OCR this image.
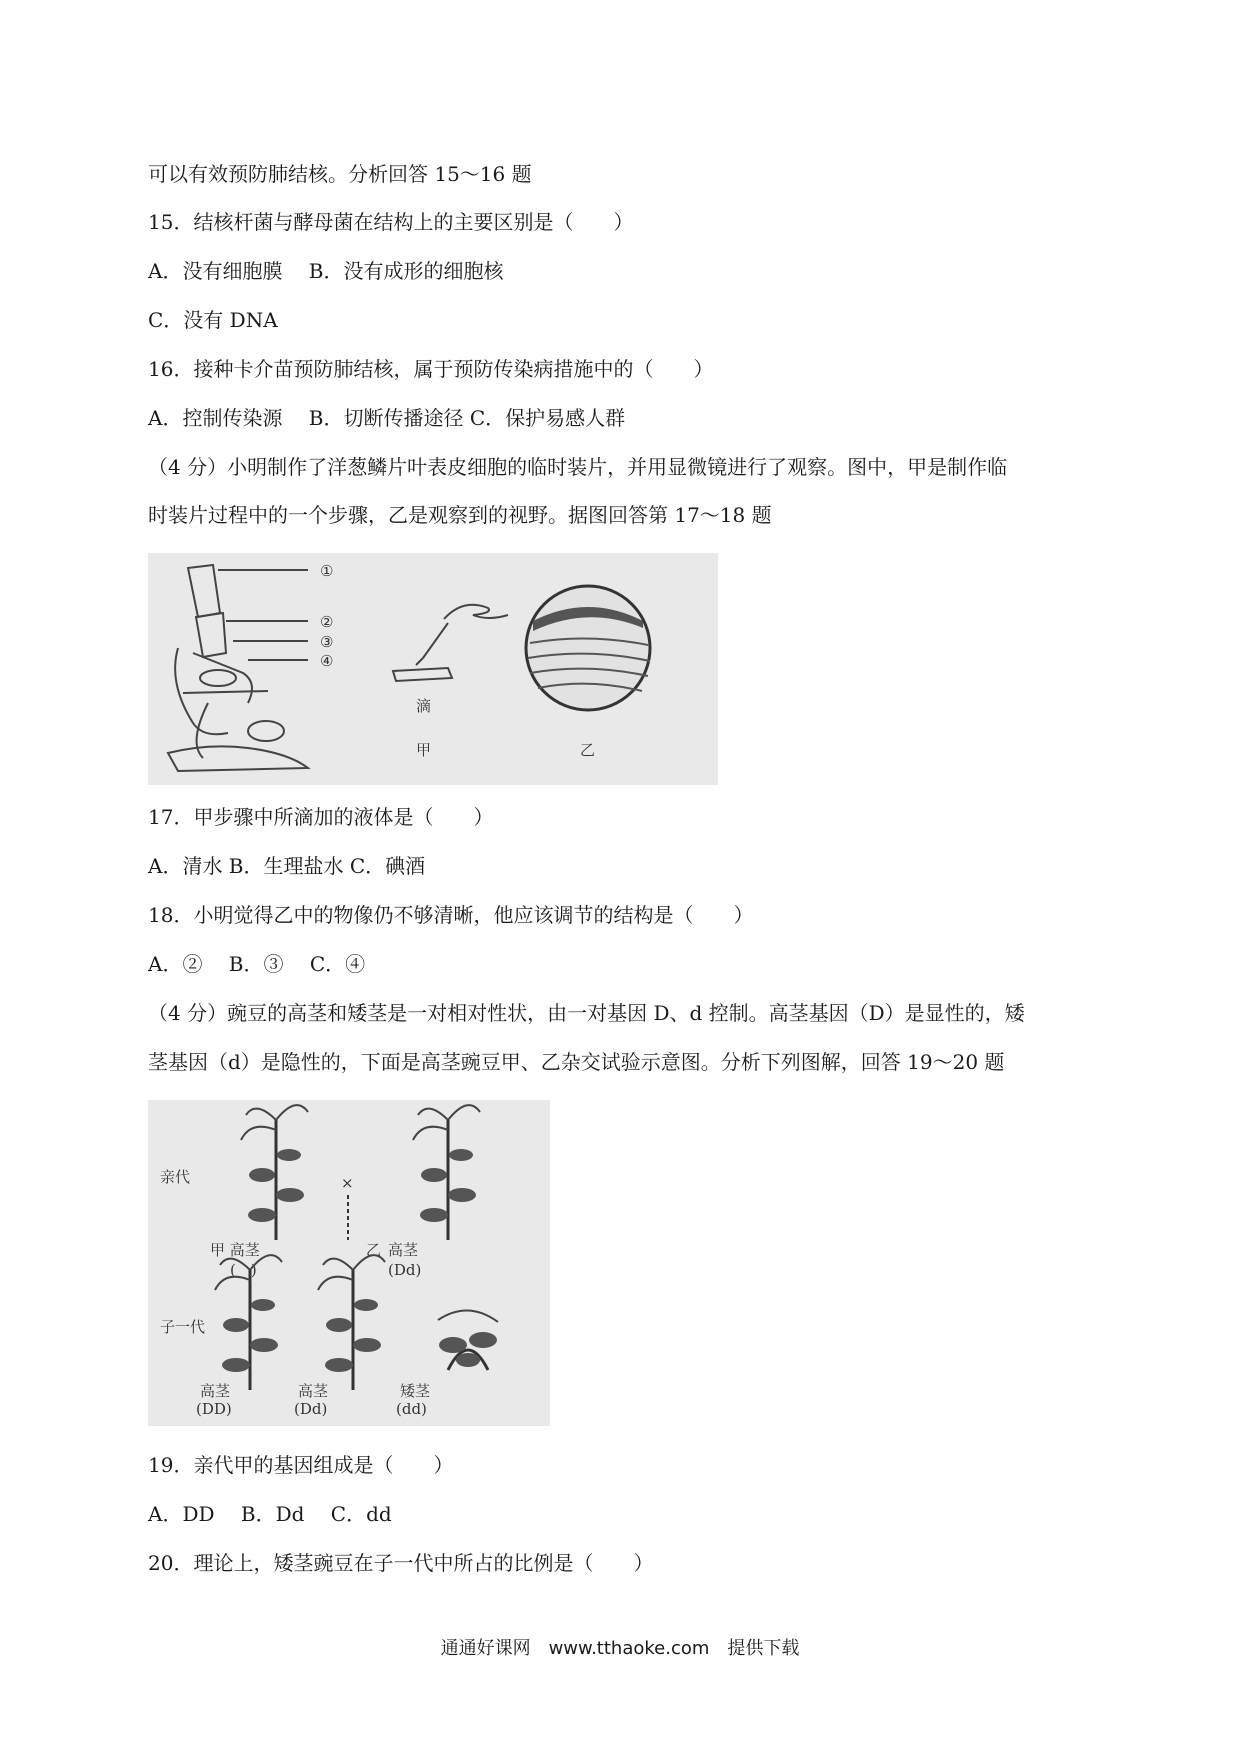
可以有效预防肺结核。分析回答 15～16 题
15．结核杆菌与酵母菌在结构上的主要区别是（　　）
A．没有细胞膜　 B．没有成形的细胞核
C．没有 DNA
16．接种卡介苗预防肺结核，属于预防传染病措施中的（　　）
A．控制传染源　 B．切断传播途径 C．保护易感人群
（4 分）小明制作了洋葱鳞片叶表皮细胞的临时装片，并用显微镜进行了观察。图中，甲是制作临
时装片过程中的一个步骤，乙是观察到的视野。据图回答第 17～18 题
①
②
③
④
滴
甲	乙
17．甲步骤中所滴加的液体是（　　）
A．清水 B．生理盐水 C．碘酒
18．小明觉得乙中的物像仍不够清晰，他应该调节的结构是（　　）
A．②　 B．③　 C．④
（4 分）豌豆的高茎和矮茎是一对相对性状，由一对基因 D、d 控制。高茎基因（D）是显性的，矮
茎基因（d）是隐性的，下面是高茎豌豆甲、乙杂交试验示意图。分析下列图解，回答 19～20 题
亲代	×
甲 高茎
(　)
乙 高茎
(Dd)
子一代
高茎
(DD)
高茎
(Dd)
矮茎
(dd)
19．亲代甲的基因组成是（　　）
A．DD　 B．Dd　 C．dd
20．理论上，矮茎豌豆在子一代中所占的比例是（　　）
通通好课网　www.tthaoke.com　提供下载
